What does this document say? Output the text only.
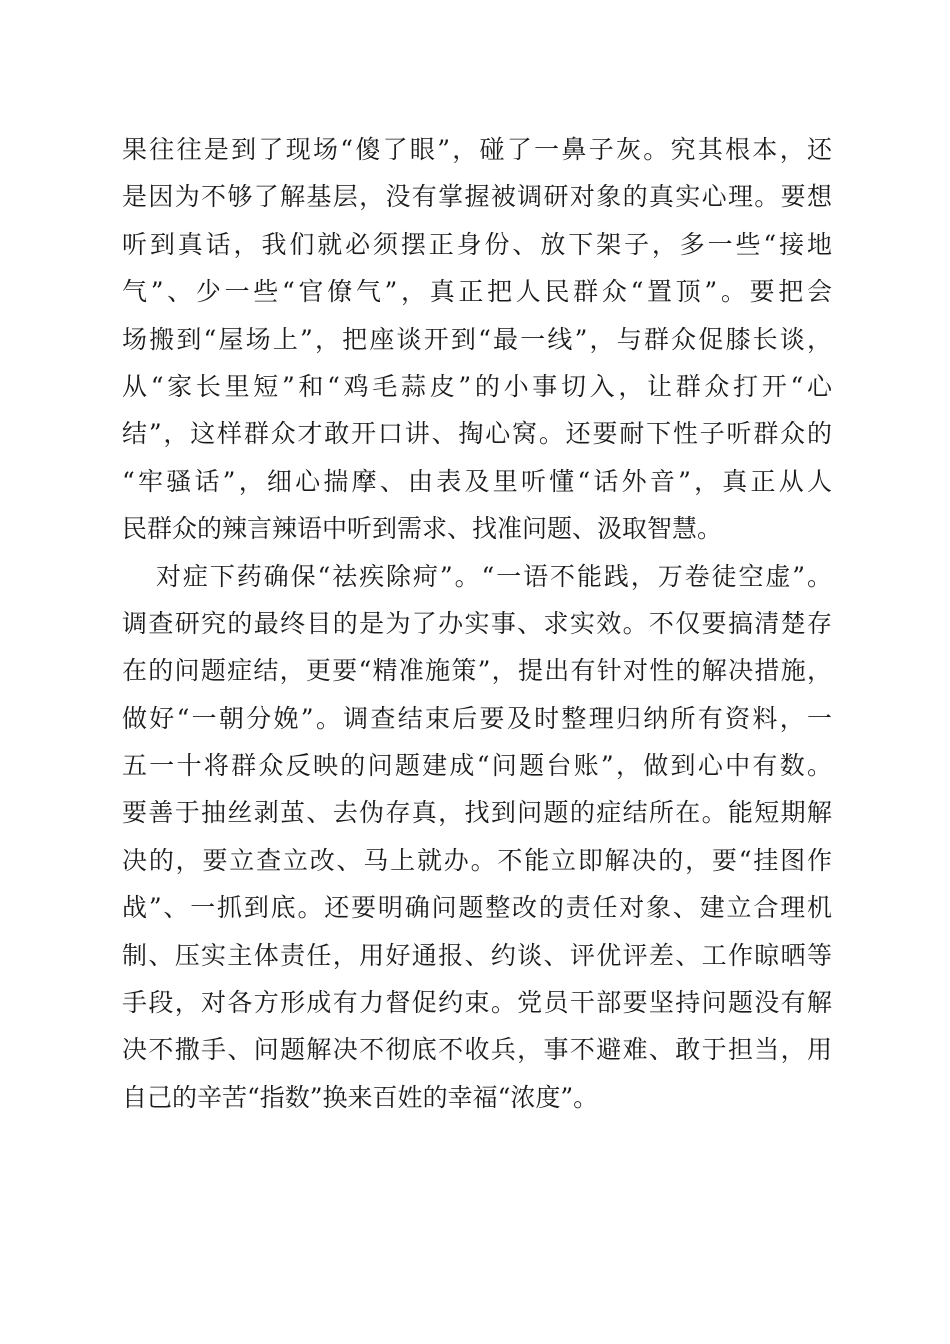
果往往是到了现场“傻了眼”，碰了一鼻子灰。究其根本，还
是因为不够了解基层，没有掌握被调研对象的真实心理。要想
听到真话，我们就必须摆正身份、放下架子，多一些“接地
气”、少一些“官僚气”，真正把人民群众“置顶”。要把会
场搬到“屋场上”，把座谈开到“最一线”，与群众促膝长谈，
从“家长里短”和“鸡毛蒜皮”的小事切入，让群众打开“心
结”，这样群众才敢开口讲、掏心窝。还要耐下性子听群众的
“牢骚话”，细心揣摩、由表及里听懂“话外音”，真正从人
民群众的辣言辣语中听到需求、找准问题、汲取智慧。
对症下药确保“祛疾除疴”。“一语不能践，万卷徒空虚”。
调查研究的最终目的是为了办实事、求实效。不仅要搞清楚存
在的问题症结，更要“精准施策”，提出有针对性的解决措施，
做好“一朝分娩”。调查结束后要及时整理归纳所有资料，一
五一十将群众反映的问题建成“问题台账”，做到心中有数。
要善于抽丝剥茧、去伪存真，找到问题的症结所在。能短期解
决的，要立查立改、马上就办。不能立即解决的，要“挂图作
战”、一抓到底。还要明确问题整改的责任对象、建立合理机
制、压实主体责任，用好通报、约谈、评优评差、工作晾晒等
手段，对各方形成有力督促约束。党员干部要坚持问题没有解
决不撒手、问题解决不彻底不收兵，事不避难、敢于担当，用
自己的辛苦“指数”换来百姓的幸福“浓度”。
